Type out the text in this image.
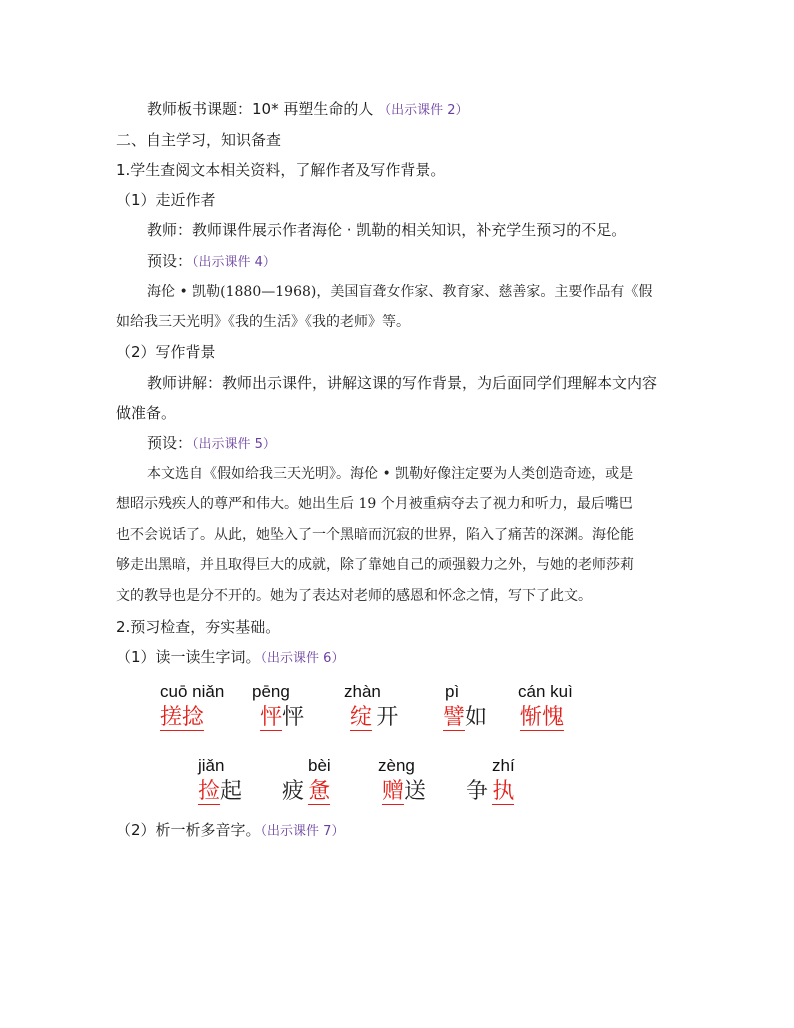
教师板书课题：10* 再塑生命的人 （出示课件 2）
二、自主学习，知识备查
1.学生查阅文本相关资料，了解作者及写作背景。
（1）走近作者
教师：教师课件展示作者海伦 · 凯勒的相关知识，补充学生预习的不足。
预设：（出示课件 4）
海伦 • 凯勒(1880—1968)，美国盲聋女作家、教育家、慈善家。主要作品有《假
如给我三天光明》《我的生活》《我的老师》等。
（2）写作背景
教师讲解：教师出示课件，讲解这课的写作背景，为后面同学们理解本文内容
做准备。
预设：（出示课件 5）
本文选自《假如给我三天光明》。海伦 • 凯勒好像注定要为人类创造奇迹，或是
想昭示残疾人的尊严和伟大。她出生后 19 个月被重病夺去了视力和听力，最后嘴巴
也不会说话了。从此，她坠入了一个黑暗而沉寂的世界，陷入了痛苦的深渊。海伦能
够走出黑暗，并且取得巨大的成就，除了靠她自己的顽强毅力之外，与她的老师莎莉
文的教导也是分不开的。她为了表达对老师的感恩和怀念之情，写下了此文。
2.预习检查，夯实基础。
（1）读一读生字词。（出示课件 6）
cuō niǎn
搓捻
pēng
怦怦
zhàn
绽  开
pì
譬如
cán kuì
惭愧
jiǎn
捡起
bèi
疲  惫
zèng
赠送
zhí
争  执
（2）析一析多音字。（出示课件 7）
